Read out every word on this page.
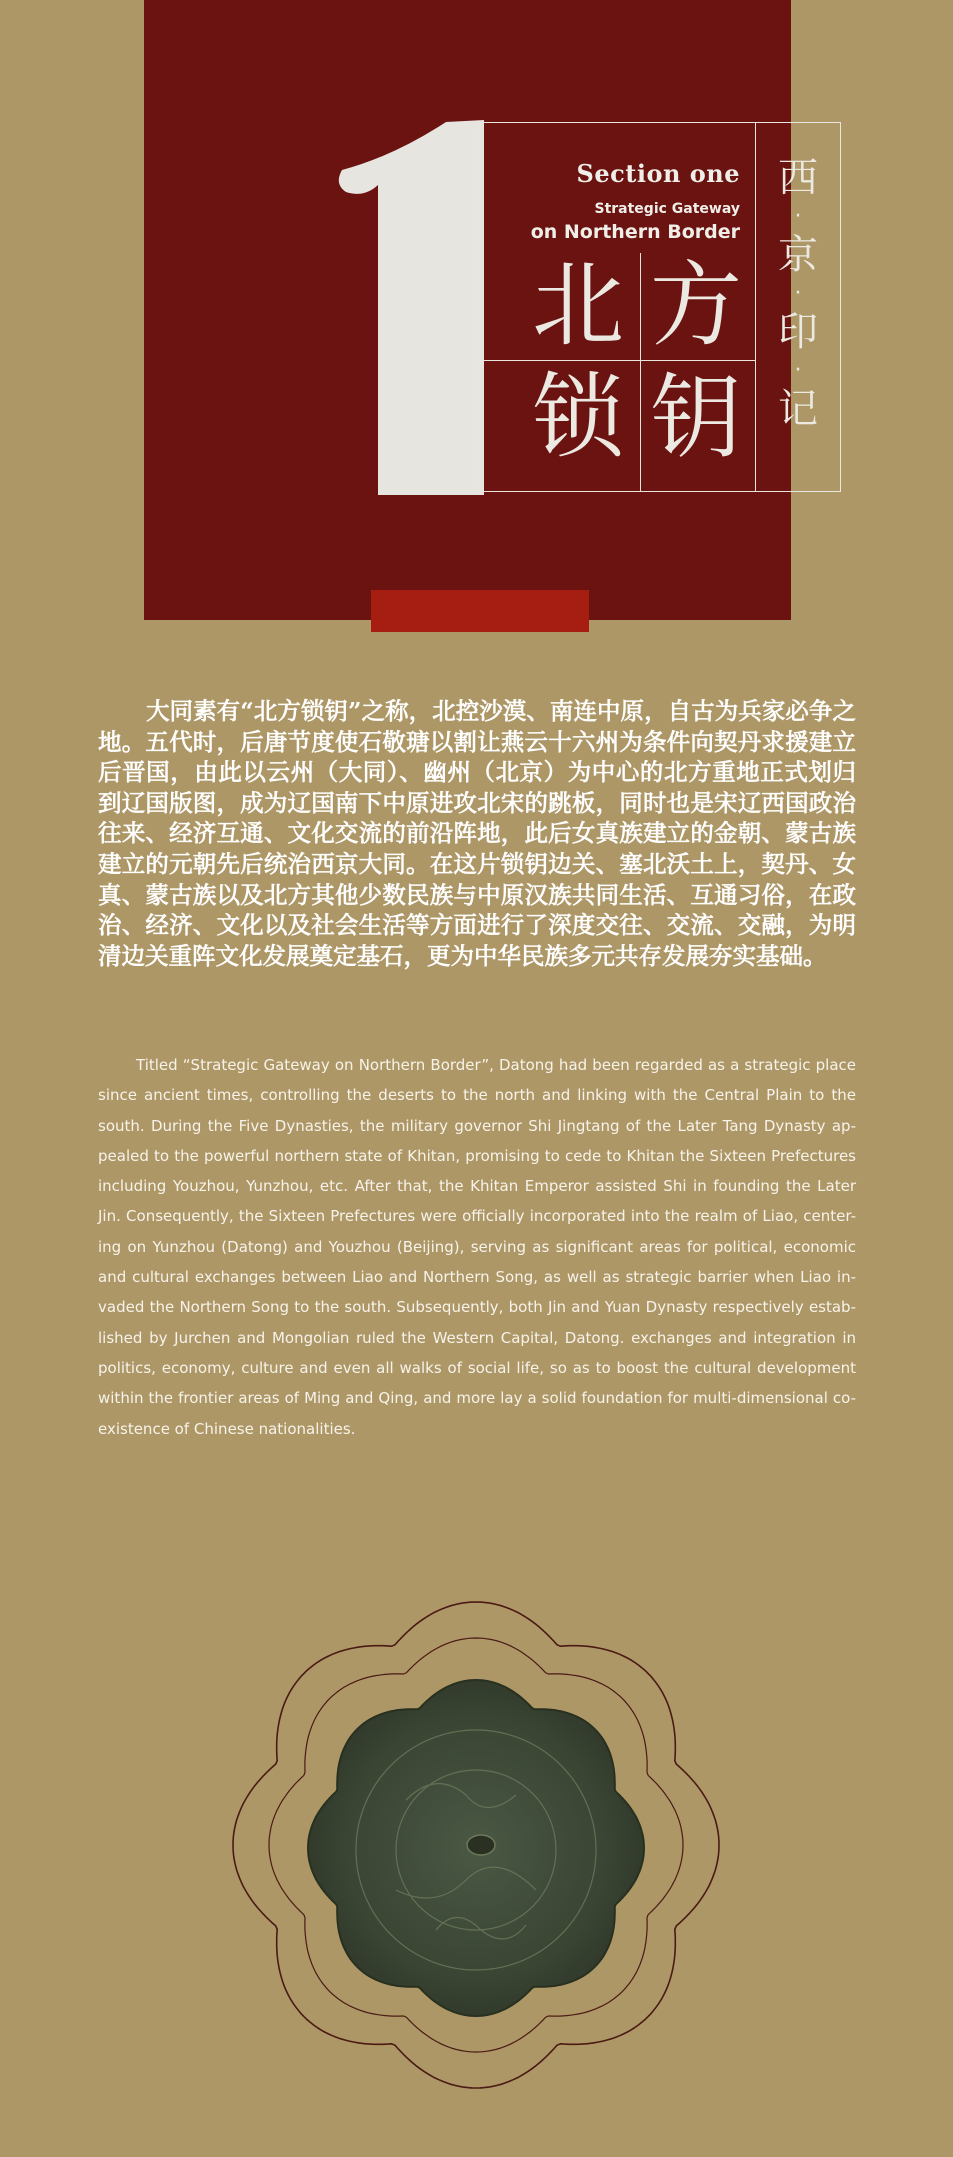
Section one
Strategic Gateway
on Northern Border
北 方
锁 钥
西
·
京
·
印
·
记

大同素有“北方锁钥”之称，北控沙漠、南连中原，自古为兵家必争之地。五代时，后唐节度使石敬瑭以割让燕云十六州为条件向契丹求援建立后晋国，由此以云州（大同）、幽州（北京）为中心的北方重地正式划归到辽国版图，成为辽国南下中原进攻北宋的跳板，同时也是宋辽西国政治往来、经济互通、文化交流的前沿阵地，此后女真族建立的金朝、蒙古族建立的元朝先后统治西京大同。在这片锁钥边关、塞北沃土上，契丹、女真、蒙古族以及北方其他少数民族与中原汉族共同生活、互通习俗，在政治、经济、文化以及社会生活等方面进行了深度交往、交流、交融，为明清边关重阵文化发展奠定基石，更为中华民族多元共存发展夯实基础。

Titled “Strategic Gateway on Northern Border”, Datong had been regarded as a strategic place since ancient times, controlling the deserts to the north and linking with the Central Plain to the south. During the Five Dynasties, the military governor Shi Jingtang of the Later Tang Dynasty ap-pealed to the powerful northern state of Khitan, promising to cede to Khitan the Sixteen Prefectures including Youzhou, Yunzhou, etc. After that, the Khitan Emperor assisted Shi in founding the Later Jin. Consequently, the Sixteen Prefectures were officially incorporated into the realm of Liao, center-ing on Yunzhou (Datong) and Youzhou (Beijing), serving as significant areas for political, economic and cultural exchanges between Liao and Northern Song, as well as strategic barrier when Liao in-vaded the Northern Song to the south. Subsequently, both Jin and Yuan Dynasty respectively estab-lished by Jurchen and Mongolian ruled the Western Capital, Datong. exchanges and integration in politics, economy, culture and even all walks of social life, so as to boost the cultural development within the frontier areas of Ming and Qing, and more lay a solid foundation for multi-dimensional co-existence of Chinese nationalities.
